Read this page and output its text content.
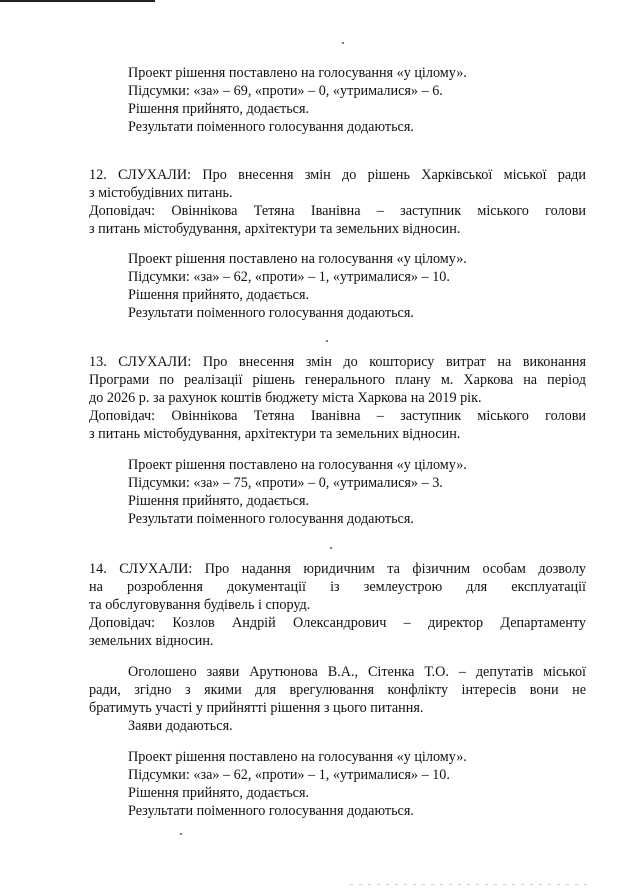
Проект рішення поставлено на голосування «у цілому».

Підсумки: «за» – 69, «проти» – 0, «утрималися» – 6.

Рішення прийнято, додається.

Результати поіменного голосування додаються.

12. СЛУХАЛИ: Про внесення змін до рішень Харківської міської ради

з містобудівних питань.

Доповідач: Овіннікова Тетяна Іванівна – заступник міського голови

з питань містобудування, архітектури та земельних відносин.

Проект рішення поставлено на голосування «у цілому».

Підсумки: «за» – 62, «проти» – 1, «утрималися» – 10.

Рішення прийнято, додається.

Результати поіменного голосування додаються.

13. СЛУХАЛИ: Про внесення змін до кошторису витрат на виконання

Програми по реалізації рішень генерального плану м. Харкова на період

до 2026 р. за рахунок коштів бюджету міста Харкова на 2019 рік.

Доповідач: Овіннікова Тетяна Іванівна – заступник міського голови

з питань містобудування, архітектури та земельних відносин.

Проект рішення поставлено на голосування «у цілому».

Підсумки: «за» – 75, «проти» – 0, «утрималися» – 3.

Рішення прийнято, додається.

Результати поіменного голосування додаються.

14. СЛУХАЛИ: Про надання юридичним та фізичним особам дозволу

на розроблення документації із землеустрою для експлуатації

та обслуговування будівель і споруд.

Доповідач: Козлов Андрій Олександрович – директор Департаменту

земельних відносин.

Оголошено заяви Арутюнова В.А., Сітенка Т.О. – депутатів міської

ради, згідно з якими для врегулювання конфлікту інтересів вони не

братимуть участі у прийнятті рішення з цього питання.

Заяви додаються.

Проект рішення поставлено на голосування «у цілому».

Підсумки: «за» – 62, «проти» – 1, «утрималися» – 10.

Рішення прийнято, додається.

Результати поіменного голосування додаються.
